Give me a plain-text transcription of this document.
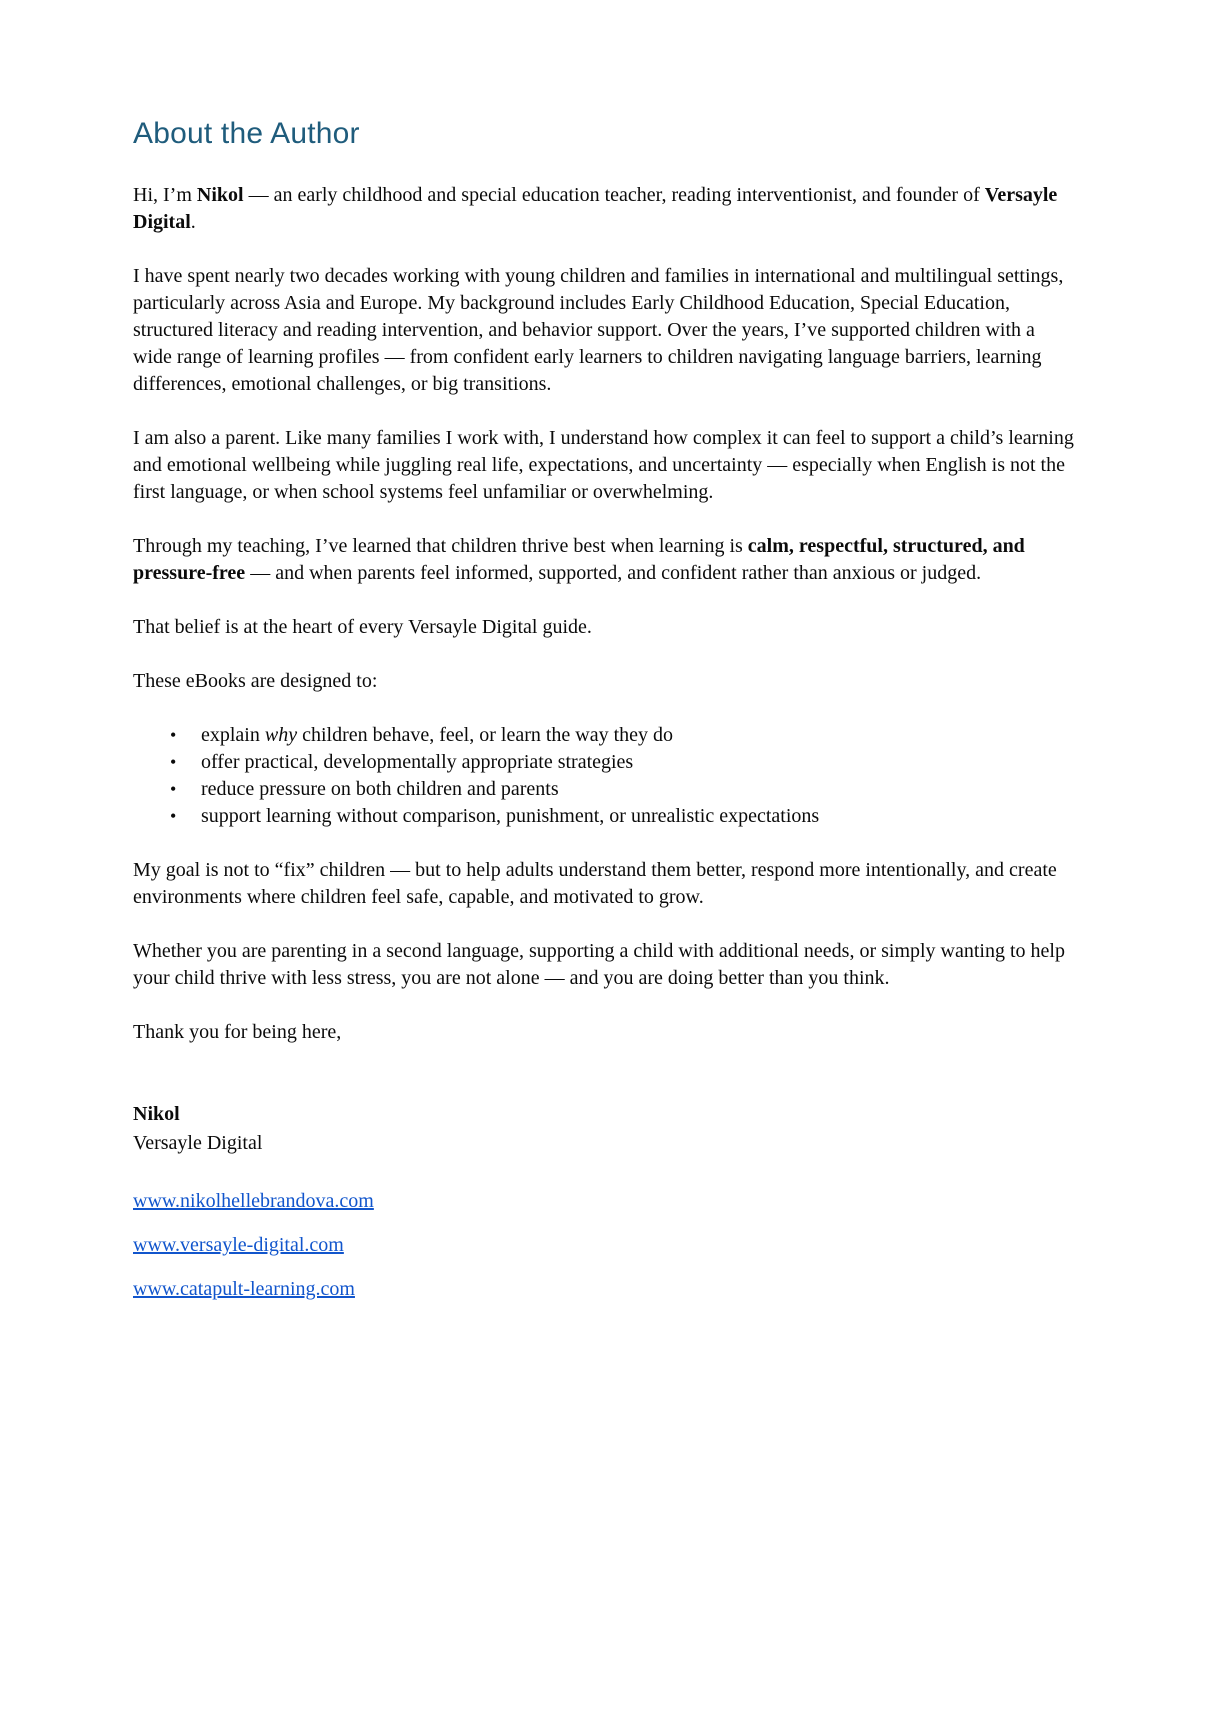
About the Author

Hi, I’m Nikol — an early childhood and special education teacher, reading interventionist, and founder of Versayle Digital.

I have spent nearly two decades working with young children and families in international and multilingual settings, particularly across Asia and Europe. My background includes Early Childhood Education, Special Education, structured literacy and reading intervention, and behavior support. Over the years, I’ve supported children with a wide range of learning profiles — from confident early learners to children navigating language barriers, learning differences, emotional challenges, or big transitions.

I am also a parent. Like many families I work with, I understand how complex it can feel to support a child’s learning and emotional wellbeing while juggling real life, expectations, and uncertainty — especially when English is not the first language, or when school systems feel unfamiliar or overwhelming.

Through my teaching, I’ve learned that children thrive best when learning is calm, respectful, structured, and pressure-free — and when parents feel informed, supported, and confident rather than anxious or judged.

That belief is at the heart of every Versayle Digital guide.

These eBooks are designed to:

• explain why children behave, feel, or learn the way they do
• offer practical, developmentally appropriate strategies
• reduce pressure on both children and parents
• support learning without comparison, punishment, or unrealistic expectations

My goal is not to “fix” children — but to help adults understand them better, respond more intentionally, and create environments where children feel safe, capable, and motivated to grow.

Whether you are parenting in a second language, supporting a child with additional needs, or simply wanting to help your child thrive with less stress, you are not alone — and you are doing better than you think.

Thank you for being here,

Nikol
Versayle Digital

www.nikolhellebrandova.com

www.versayle-digital.com

www.catapult-learning.com
